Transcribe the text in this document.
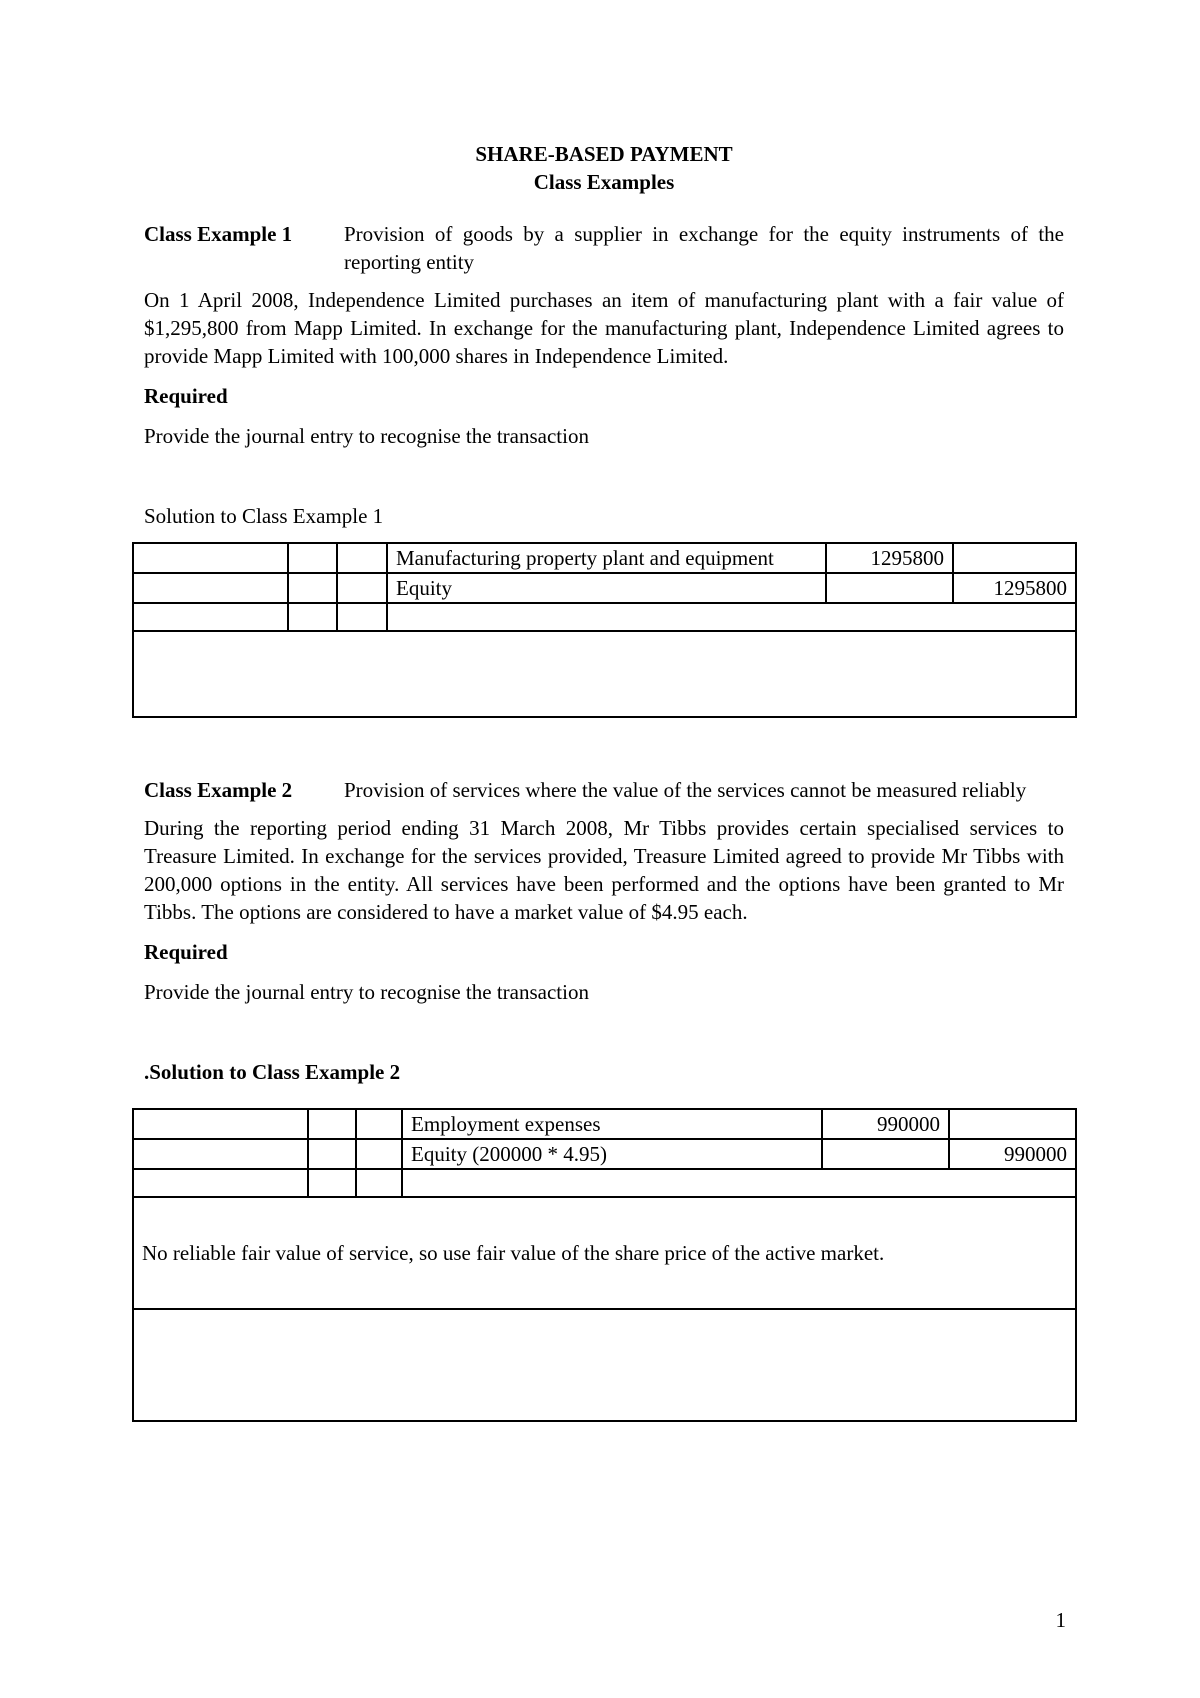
SHARE-BASED PAYMENT
Class Examples
Class Example 1	Provision of goods by a supplier in exchange for the equity instruments of the reporting entity

On 1 April 2008, Independence Limited purchases an item of manufacturing plant with a fair value of $1,295,800 from Mapp Limited. In exchange for the manufacturing plant, Independence Limited agrees to provide Mapp Limited with 100,000 shares in Independence Limited.

Required
Provide the journal entry to recognise the transaction
Solution to Class Example 1
			Manufacturing property plant and equipment	1295800	
			Equity		1295800

Class Example 2	Provision of services where the value of the services cannot be measured reliably

During the reporting period ending 31 March 2008, Mr Tibbs provides certain specialised services to Treasure Limited. In exchange for the services provided, Treasure Limited agreed to provide Mr Tibbs with 200,000 options in the entity. All services have been performed and the options have been granted to Mr Tibbs. The options are considered to have a market value of $4.95 each.

Required
Provide the journal entry to recognise the transaction
.Solution to Class Example 2
			Employment expenses	990000	
			Equity (200000 * 4.95)		990000

No reliable fair value of service, so use fair value of the share price of the active market.					

1
